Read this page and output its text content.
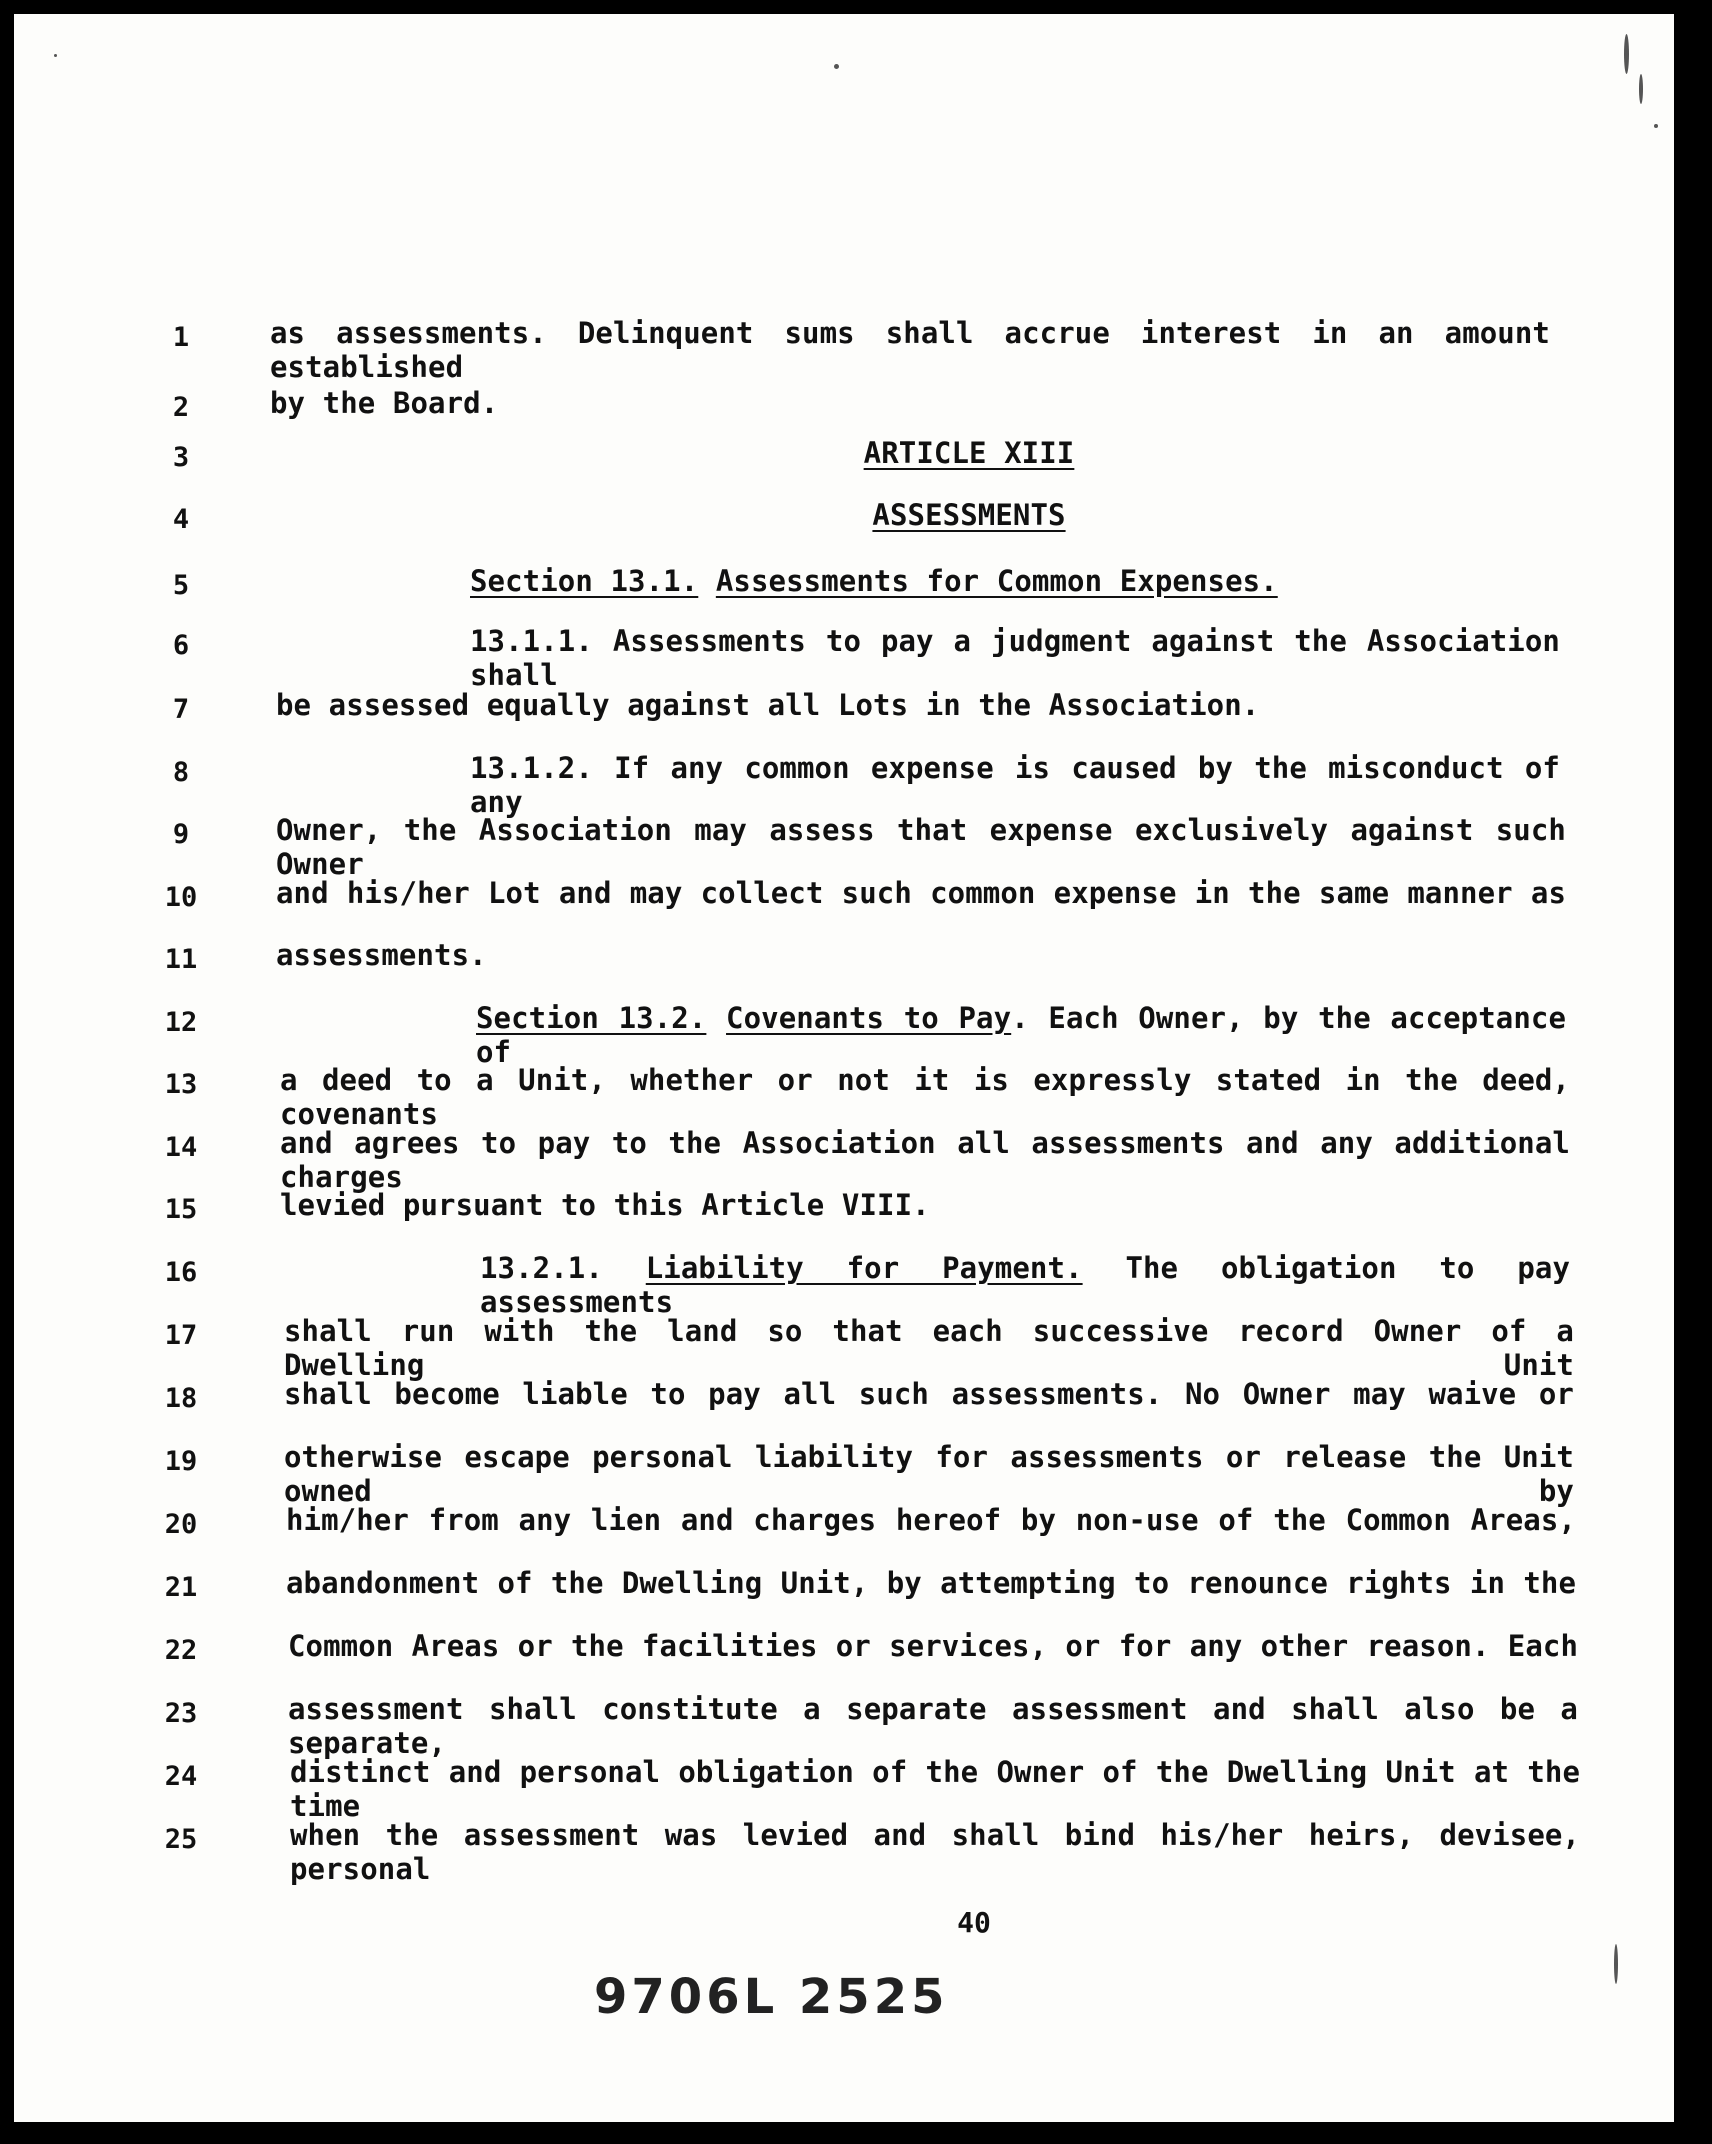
1	as assessments. Delinquent sums shall accrue interest in an amount established
2	by the Board.
3	ARTICLE XIII
4	ASSESSMENTS
5	Section 13.1. Assessments for Common Expenses.
6	13.1.1. Assessments to pay a judgment against the Association shall
7	be assessed equally against all Lots in the Association.
8	13.1.2. If any common expense is caused by the misconduct of any
9	Owner, the Association may assess that expense exclusively against such Owner
10	and his/her Lot and may collect such common expense in the same manner as
11	assessments.
12	Section 13.2. Covenants to Pay. Each Owner, by the acceptance of
13	a deed to a Unit, whether or not it is expressly stated in the deed, covenants
14	and agrees to pay to the Association all assessments and any additional charges
15	levied pursuant to this Article VIII.
16	13.2.1. Liability for Payment. The obligation to pay assessments
17	shall run with the land so that each successive record Owner of a Dwelling Unit
18	shall become liable to pay all such assessments. No Owner may waive or
19	otherwise escape personal liability for assessments or release the Unit owned by
20	him/her from any lien and charges hereof by non-use of the Common Areas,
21	abandonment of the Dwelling Unit, by attempting to renounce rights in the
22	Common Areas or the facilities or services, or for any other reason. Each
23	assessment shall constitute a separate assessment and shall also be a separate,
24	distinct and personal obligation of the Owner of the Dwelling Unit at the time
25	when the assessment was levied and shall bind his/her heirs, devisee, personal
40
9706L 2525
